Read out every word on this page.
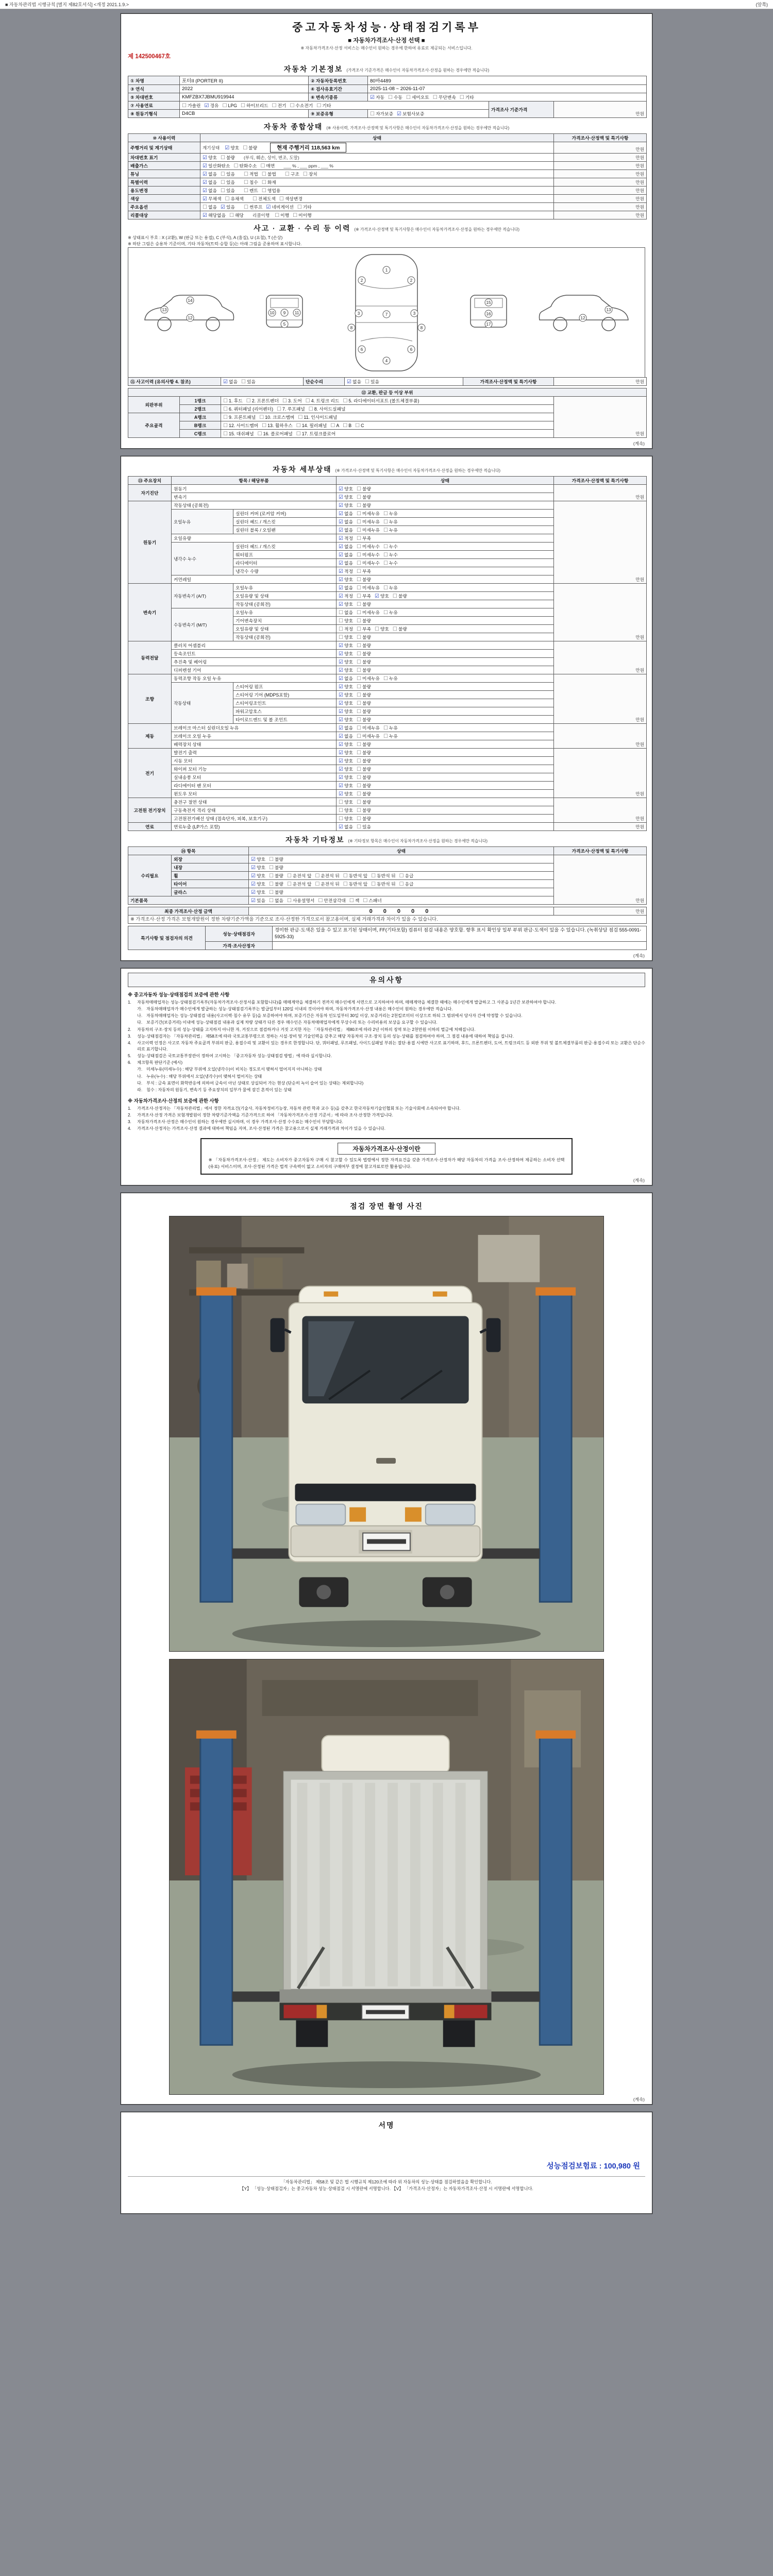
■ 자동차관리법 시행규칙 [별지 제82호서식] <개정 2021.1.9.>	(앞쪽)
중고자동차성능·상태점검기록부
■ 자동차가격조사·산정 선택 ■
※ 자동차가격조사·산정 서비스는 매수인이 원하는 경우에 한하여 유료로 제공되는 서비스입니다.
제 142500467호
자동차 기본정보 (가격조사 기준가격은 매수인이 자동차가격조사·산정을 원하는 경우에만 적습니다)
① 차명	포터II (PORTER II)	② 자동차등록번호	80바4489		
③ 연식	2022	④ 검사유효기간	2025-11-08 ~ 2026-11-07		
⑤ 차대번호	KMFZBX7JBMU919944	⑥ 변속기종류	☑ 자동 ☐ 수동 ☐ 세미오토 ☐ 무단변속 ☐ 기타		
⑦ 사용연료	☐ 가솔린 ☑ 경유 ☐ LPG ☐ 하이브리드 ☐ 전기 ☐ 수소전기 ☐ 기타			가격조사 기준가격	만원
⑧ 원동기형식	D4CB	⑨ 보증유형	☐ 자가보증 ☑ 보험사보증		
자동차 종합상태 (※ 사용이력, 가격조사·산정액 및 특기사항은 매수인이 자동차가격조사·산정을 원하는 경우에만 적습니다)
⑩ 사용이력	상태	가격조사·산정액 및 특기사항
주행거리 및 계기상태	계기상태 ☑ 양호 ☐ 불량 현재 주행거리 118,563 km	만원
차대번호 표기	☑ 양호 ☐ 불량 (부식, 훼손, 상이, 변조, 도말)	만원
배출가스	☑ 일산화탄소 ☐ 탄화수소 ☐ 매연 ___ % , ___ ppm , ___ %	만원
튜닝	☑ 없음 ☐ 있음 ☐ 적법 ☐ 불법 ☐ 구조 ☐ 장치	만원
특별이력	☑ 없음 ☐ 있음 ☐ 침수 ☐ 화재	만원
용도변경	☑ 없음 ☐ 있음 ☐ 렌트 ☐ 영업용	만원
색상	☑ 무채색 ☐ 유채색 ☐ 전체도색 ☐ 색상변경	만원
주요옵션	☐ 없음 ☑ 있음 ☐ 썬루프 ☑ 네비게이션 ☐ 기타	만원
리콜대상	☑ 해당없음 ☐ 해당 리콜이행 ☐ 이행 ☐ 미이행	만원
사고 · 교환 · 수리 등 이력 (※ 가격조사·산정액 및 특기사항은 매수인이 자동차가격조사·산정을 원하는 경우에만 적습니다)
※ 상태표시 부호 : X (교환), W (판금 또는 용접), C (부식), A (흠집), U (요철), T (손상)
※ 하단 그림은 승용차 기준이며, 기타 자동차(트럭·승합 등)는 아래 그림을 준용하여 표시합니다.
13
12
14
9
5
10	11
1
2	2
3	3
7
8	8
6	6
4
15
16
17
13
12
⑪ 사고이력 (유의사항 4. 참조)	☑ 없음 ☐ 있음	단순수리	☑ 없음 ☐ 있음	가격조사·산정액 및 특기사항	만원
⑫ 교환, 판금 등 이상 부위			
외판부위	1랭크	☐ 1. 후드 ☐ 2. 프론트펜더 ☐ 3. 도어 ☐ 4. 트렁크 리드 ☐ 5. 라디에이터서포트 (볼트체결부품)	만원
	2랭크	☐ 6. 쿼터패널 (리어펜더) ☐ 7. 루프패널 ☐ 8. 사이드실패널	
주요골격	A랭크	☐ 9. 프론트패널 ☐ 10. 크로스멤버 ☐ 11. 인사이드패널	
	B랭크	☐ 12. 사이드멤버 ☐ 13. 휠하우스 ☐ 14. 필러패널 ☐ A ☐ B ☐ C	
	C랭크	☐ 15. 대쉬패널 ☐ 16. 플로어패널 ☐ 17. 트렁크플로어	
(계속)
자동차 세부상태 (※ 가격조사·산정액 및 특기사항은 매수인이 자동차가격조사·산정을 원하는 경우에만 적습니다)
⑬ 주요장치	항목 / 해당부품		상태	가격조사·산정액 및 특기사항
자기진단	원동기		☑ 양호 ☐ 불량	만원
	변속기		☑ 양호 ☐ 불량	
원동기	작동상태 (공회전)		☑ 양호 ☐ 불량	만원
	오일누유	실린더 커버 (로커암 커버)	☑ 없음 ☐ 미세누유 ☐ 누유	
		실린더 헤드 / 개스킷	☑ 없음 ☐ 미세누유 ☐ 누유	
		실린더 블록 / 오일팬	☑ 없음 ☐ 미세누유 ☐ 누유	
	오일유량		☑ 적정 ☐ 부족	
	냉각수 누수	실린더 헤드 / 개스킷	☑ 없음 ☐ 미세누수 ☐ 누수	
		워터펌프	☑ 없음 ☐ 미세누수 ☐ 누수	
		라디에이터	☑ 없음 ☐ 미세누수 ☐ 누수	
		냉각수 수량	☑ 적정 ☐ 부족	
	커먼레일		☑ 양호 ☐ 불량	
변속기	자동변속기 (A/T)	오일누유	☑ 없음 ☐ 미세누유 ☐ 누유	만원
		오일유량 및 상태	☑ 적정 ☐ 부족 ☑ 양호 ☐ 불량	
		작동상태 (공회전)	☑ 양호 ☐ 불량	
	수동변속기 (M/T)	오일누유	☐ 없음 ☐ 미세누유 ☐ 누유	
		기어변속장치	☐ 양호 ☐ 불량	
		오일유량 및 상태	☐ 적정 ☐ 부족 ☐ 양호 ☐ 불량	
		작동상태 (공회전)	☐ 양호 ☐ 불량	
동력전달	클러치 어셈블리		☑ 양호 ☐ 불량	만원
	등속조인트		☑ 양호 ☐ 불량	
	추진축 및 베어링		☑ 양호 ☐ 불량	
	디퍼렌셜 기어		☑ 양호 ☐ 불량	
조향	동력조향 작동 오일 누유		☑ 없음 ☐ 미세누유 ☐ 누유	만원
	작동상태	스티어링 펌프	☑ 양호 ☐ 불량	
		스티어링 기어 (MDPS포함)	☑ 양호 ☐ 불량	
		스티어링조인트	☑ 양호 ☐ 불량	
		파워고압호스	☑ 양호 ☐ 불량	
		타이로드엔드 및 볼 조인트	☑ 양호 ☐ 불량	
제동	브레이크 마스터 실린더오일 누유		☑ 없음 ☐ 미세누유 ☐ 누유	만원
	브레이크 오일 누유		☑ 없음 ☐ 미세누유 ☐ 누유	
	배력장치 상태		☑ 양호 ☐ 불량	
전기	발전기 출력		☑ 양호 ☐ 불량	만원
	시동 모터		☑ 양호 ☐ 불량	
	와이퍼 모터 기능		☑ 양호 ☐ 불량	
	실내송풍 모터		☑ 양호 ☐ 불량	
	라디에이터 팬 모터		☑ 양호 ☐ 불량	
	윈도우 모터		☑ 양호 ☐ 불량	
고전원 전기장치	충전구 절연 상태		☐ 양호 ☐ 불량	만원
	구동축전지 격리 상태		☐ 양호 ☐ 불량	
	고전원전기배선 상태 (접속단자, 피복, 보호기구)		☐ 양호 ☐ 불량	
연료	연료누출 (LP가스 포함)		☑ 없음 ☐ 있음	만원
자동차 기타정보 (※ 기타정보 항목은 매수인이 자동차가격조사·산정을 원하는 경우에만 적습니다)
⑭ 항목		상태	가격조사·산정액 및 특기사항
수리필요	외장	☑ 양호 ☐ 불량	만원
	내장	☑ 양호 ☐ 불량	
	휠	☑ 양호 ☐ 불량 ☐ 운전석 앞 ☐ 운전석 뒤 ☐ 동반석 앞 ☐ 동반석 뒤 ☐ 응급	
	타이어	☑ 양호 ☐ 불량 ☐ 운전석 앞 ☐ 운전석 뒤 ☐ 동반석 앞 ☐ 동반석 뒤 ☐ 응급	
	글라스	☑ 양호 ☐ 불량	
기본품목		☑ 있음 ☐ 없음 ☐ 사용설명서 ☐ 안전삼각대 ☐ 잭 ☐ 스패너	
최종 가격조사·산정 금액	0 0 0 0 0	만원
※ 가격조사·산정 가격은 보험개발원이 정한 차량기준가액을 기준으로 조사·산정한 가격으로서 참고용이며, 실제 거래가격과 차이가 있을 수 있습니다.
특기사항 및 점검자의 의견	성능·상태점검자	경미한 판금·도색은 있을 수 있고 표기된 상태이며, FF(기타포함) 컴퓨터 점검 내용은 양호함. 향후 표시 확인상 일부 부위 판금·도색이 있을 수 있습니다. (녹취상담 점검 555-0091-5925-33)
	가격·조사산정자	
(계속)
유의사항
※ 중고자동차 성능·상태점검의 보증에 관한 사항
1.	자동차매매업자는 성능·상태점검기록부(자동차가격조사·산정서를 포함합니다)를 매매계약을 체결하기 전까지 매수인에게 서면으로 고지하여야 하며, 매매계약을 체결한 때에는 매수인에게 발급하고 그 사본을 1년간 보관하여야 합니다.
가. 자동차매매업자가 매수인에게 발급하는 성능·상태점검기록부는 발급일부터 120일 이내의 것이어야 하며, 자동차가격조사·산정 내용은 매수인이 원하는 경우에만 적습니다.
나. 자동차매매업자는 성능·상태점검 내용(사고이력·침수 유무 등)을 보증하여야 하며, 보증기간은 자동차 인도일부터 30일 이상, 보증거리는 2천킬로미터 이상으로 하되 그 범위에서 당사자 간에 약정할 수 있습니다.
다. 보증기간(보증거리) 이내에 성능·상태점검 내용과 실제 차량 상태가 다른 경우 매수인은 자동차매매업자에게 무상수리 또는 수리비용의 보상을 요구할 수 있습니다.
2.	자동차의 구조·장치 등의 성능·상태를 고지하지 아니한 자, 거짓으로 점검하거나 거짓 고지한 자는 「자동차관리법」 제80조에 따라 2년 이하의 징역 또는 2천만원 이하의 벌금에 처해집니다.
3.	성능·상태점검자는 「자동차관리법」 제58조에 따라 국토교통부령으로 정하는 시설·장비 및 기술인력을 갖추고 해당 자동차의 구조·장치 등의 성능·상태를 점검하여야 하며, 그 점검 내용에 대하여 책임을 집니다.
4.	사고이력 인정은 사고로 자동차 주요골격 부위의 판금, 용접수리 및 교환이 있는 경우로 한정합니다. 단, 쿼터패널, 루프패널, 사이드실패널 부위는 절단·용접 시에만 사고로 표기하며, 후드, 프론트펜더, 도어, 트렁크리드 등 외판 부위 및 볼트체결부품의 판금·용접수리 또는 교환은 단순수리로 표기합니다.
5.	성능·상태점검은 국토교통부장관이 정하여 고시하는 「중고자동차 성능·상태점검 방법」에 따라 실시합니다.
6.	체크항목 판단기준 (예시)
가. 미세누유(미세누수) : 해당 부위에 오일(냉각수)이 비치는 정도로서 맺혀서 떨어지지 아니하는 상태
나. 누유(누수) : 해당 부위에서 오일(냉각수)이 맺혀서 떨어지는 상태
다. 부식 : 금속 표면이 화학반응에 의하여 금속이 아닌 상태로 상실되어 가는 현상 (단순히 녹이 슬어 있는 상태는 제외합니다)
라. 침수 : 자동차의 원동기, 변속기 등 주요장치의 일부가 물에 잠긴 흔적이 있는 상태
※ 자동차가격조사·산정의 보증에 관한 사항
1.	가격조사·산정자는 「자동차관리법」에서 정한 자격요건(기술사, 자동차정비기능장, 자동차 관련 학과 교수 등)을 갖추고 한국자동차기술인협회 또는 기술사회에 소속되어야 합니다.
2.	가격조사·산정 가격은 보험개발원이 정한 차량기준가액을 기준가격으로 하여 「자동차가격조사·산정 기준서」에 따라 조사·산정한 가격입니다.
3.	자동차가격조사·산정은 매수인이 원하는 경우에만 실시하며, 이 경우 가격조사·산정 수수료는 매수인이 부담합니다.
4.	가격조사·산정자는 가격조사·산정 결과에 대하여 책임을 지며, 조사·산정된 가격은 참고용으로서 실제 거래가격과 차이가 있을 수 있습니다.
자동차가격조사·산정이란
※ 「자동차가격조사·산정」 제도는 소비자가 중고자동차 구매 시 참고할 수 있도록 법령에서 정한 자격요건을 갖춘 가격조사·산정자가 해당 자동차의 가격을 조사·산정하여 제공하는 소비자 선택(유료) 서비스이며, 조사·산정된 가격은 법적 구속력이 없고 소비자의 구매여부 결정에 참고자료로만 활용됩니다.
(계속)
점검 장면 촬영 사진
(계속)
서명
성능점검보험료 : 100,980 원
「자동차관리법」 제58조 및 같은 법 시행규칙 제120조에 따라 위 자동차의 성능·상태를 점검하였음을 확인합니다.
【Y】 「성능·상태점검자」는 중고자동차 성능·상태점검 시 서명란에 서명합니다. 【V】 「가격조사·산정자」는 자동차가격조사·산정 시 서명란에 서명합니다.
